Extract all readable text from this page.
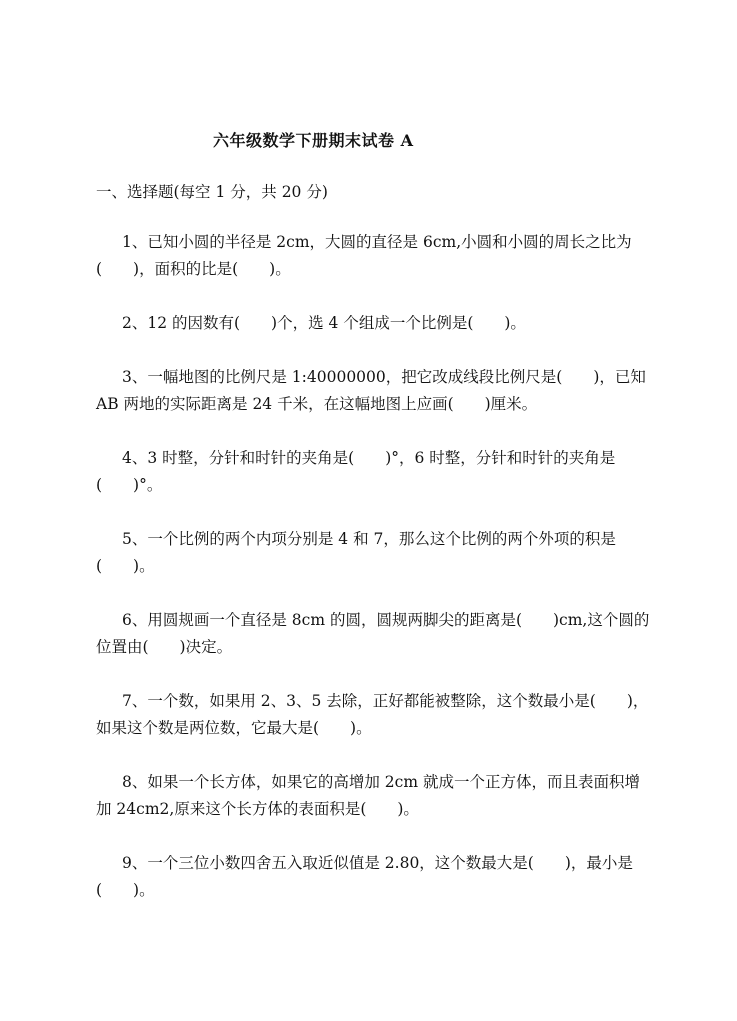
六年级数学下册期末试卷 A
一、选择题(每空 1 分，共 20 分)

1、已知小圆的半径是 2cm，大圆的直径是 6cm,小圆和小圆的周长之比为

(　　)，面积的比是(　　)。

2、12 的因数有(　　)个，选 4 个组成一个比例是(　　)。

3、一幅地图的比例尺是 1:40000000，把它改成线段比例尺是(　　)，已知

AB 两地的实际距离是 24 千米，在这幅地图上应画(　　)厘米。

4、3 时整，分针和时针的夹角是(　　)°，6 时整，分针和时针的夹角是

(　　)°。

5、一个比例的两个内项分别是 4 和 7，那么这个比例的两个外项的积是

(　　)。

6、用圆规画一个直径是 8cm 的圆，圆规两脚尖的距离是(　　)cm,这个圆的

位置由(　　)决定。

7、一个数，如果用 2、3、5 去除，正好都能被整除，这个数最小是(　　)，

如果这个数是两位数，它最大是(　　)。

8、如果一个长方体，如果它的高增加 2cm 就成一个正方体，而且表面积增

加 24cm2,原来这个长方体的表面积是(　　)。

9、一个三位小数四舍五入取近似值是 2.80，这个数最大是(　　)，最小是

(　　)。
